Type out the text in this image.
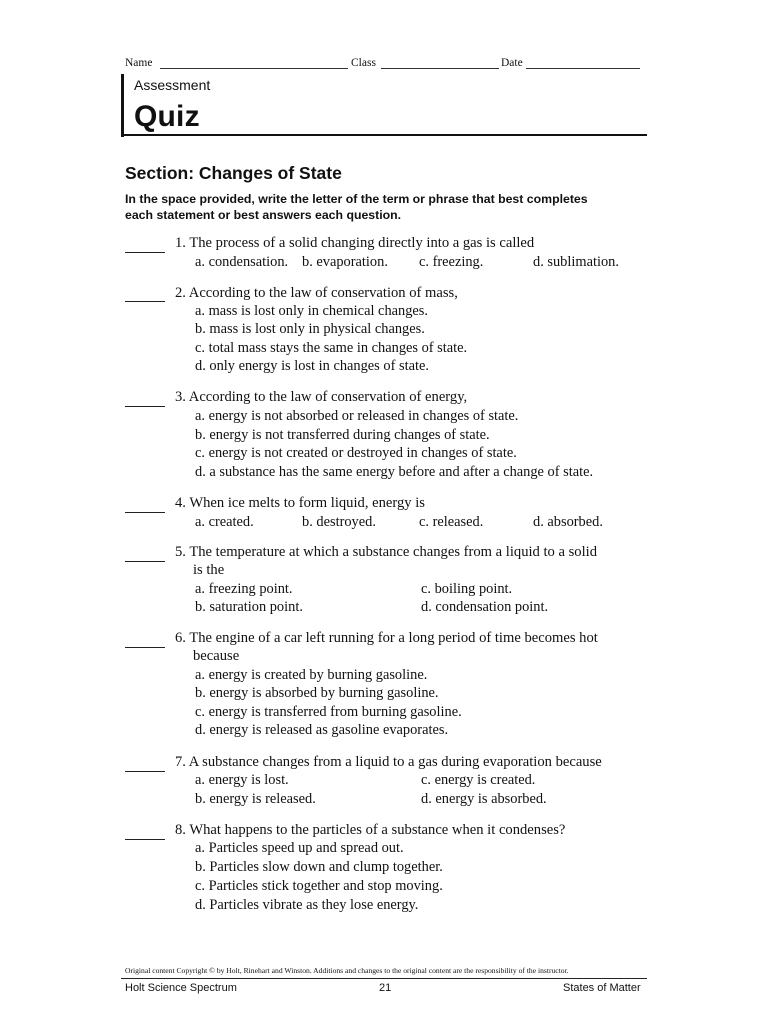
Name	Class	Date
Assessment
Quiz
Section: Changes of State
In the space provided, write the letter of the term or phrase that best completes
each statement or best answers each question.
1. The process of a solid changing directly into a gas is called
a. condensation. b. evaporation. c. freezing.	d. sublimation.
2. According to the law of conservation of mass,
a. mass is lost only in chemical changes.
b. mass is lost only in physical changes.
c. total mass stays the same in changes of state.
d. only energy is lost in changes of state.
3. According to the law of conservation of energy,
a. energy is not absorbed or released in changes of state.
b. energy is not transferred during changes of state.
c. energy is not created or destroyed in changes of state.
d. a substance has the same energy before and after a change of state.
4. When ice melts to form liquid, energy is
a. created.	b. destroyed.	c. released.	d. absorbed.
5. The temperature at which a substance changes from a liquid to a solid
is the
a. freezing point.	c. boiling point.
b. saturation point.	d. condensation point.
6. The engine of a car left running for a long period of time becomes hot
because
a. energy is created by burning gasoline.
b. energy is absorbed by burning gasoline.
c. energy is transferred from burning gasoline.
d. energy is released as gasoline evaporates.
7. A substance changes from a liquid to a gas during evaporation because
a. energy is lost.	c. energy is created.
b. energy is released.	d. energy is absorbed.
8. What happens to the particles of a substance when it condenses?
a. Particles speed up and spread out.
b. Particles slow down and clump together.
c. Particles stick together and stop moving.
d. Particles vibrate as they lose energy.
Original content Copyright © by Holt, Rinehart and Winston. Additions and changes to the original content are the responsibility of the instructor.
Holt Science Spectrum	21	States of Matter
